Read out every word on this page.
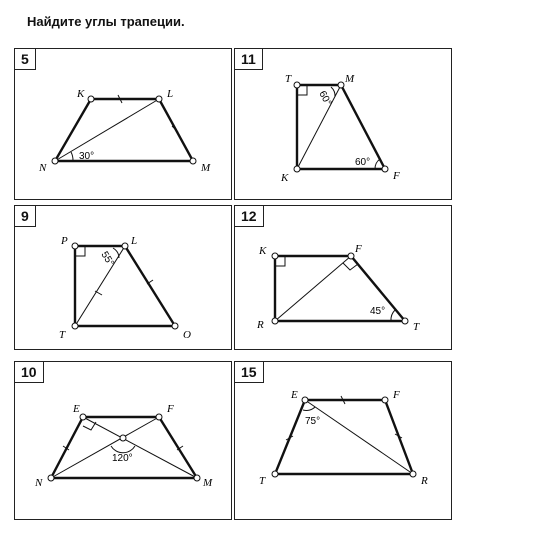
Найдите углы трапеции.
5
K	L
N	M
30°
11
T	M
K	F
60°
60°
9
P	L
T	O
55°
12
K	F
R	T
45°
10
E	F
N	M
120°
15
E	F
T	R
75°
